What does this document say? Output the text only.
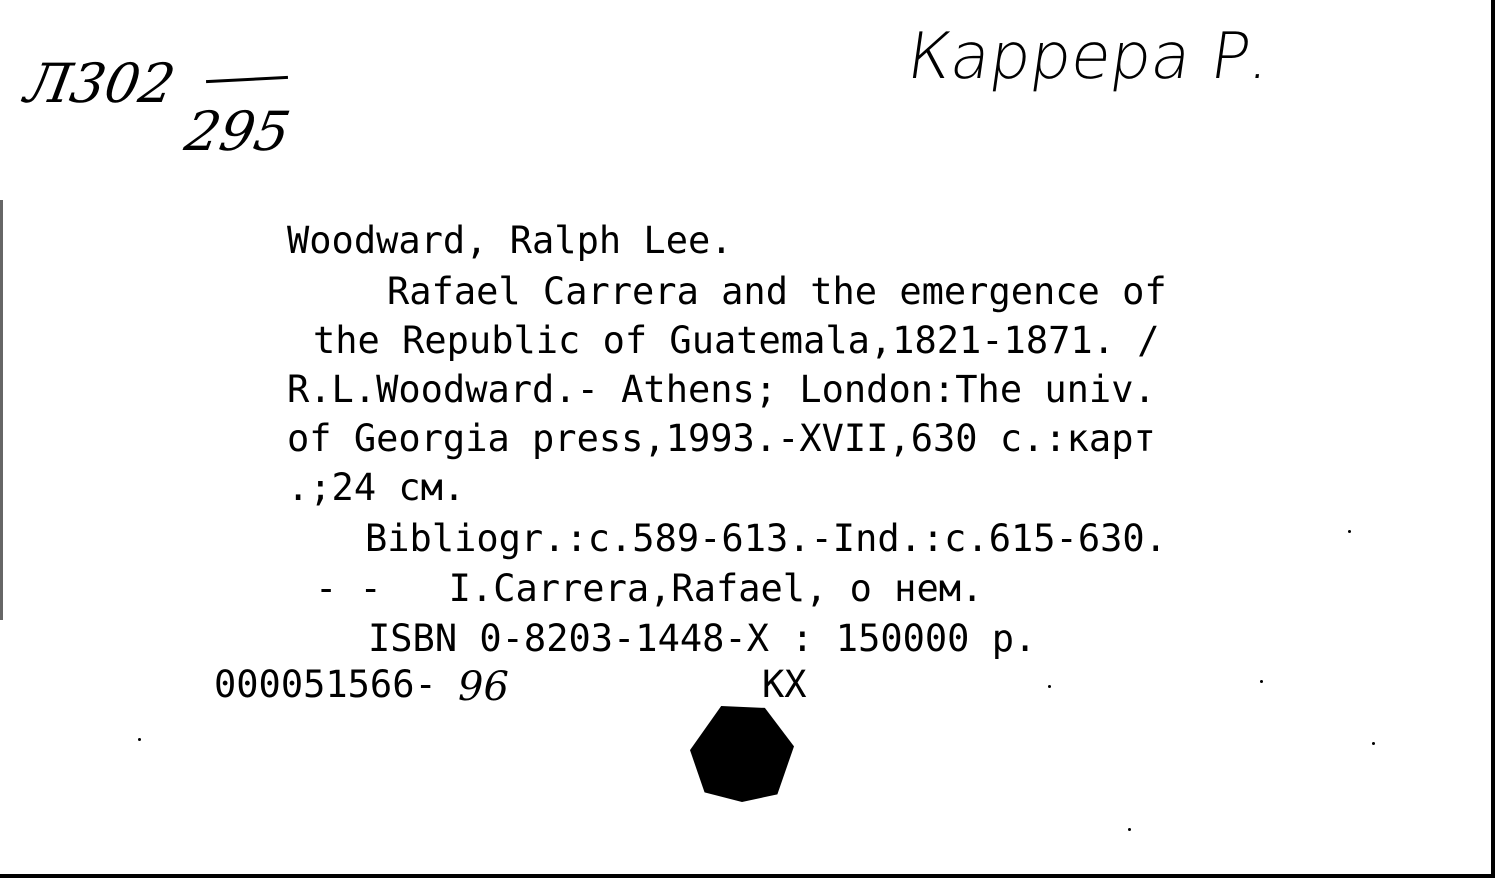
Л302
295
Каррера Р.
Woodward, Ralph Lee.
Rafael Carrera and the emergence of
the Republic of Guatemala,1821-1871. /
R.L.Woodward.- Athens; London:The univ.
of Georgia press,1993.-XVII,630 c.:карт
.;24 см.
Bibliogr.:c.589-613.-Ind.:c.615-630.
- -   I.Carrera,Rafael, о нем.
ISBN 0-8203-1448-X : 150000 р.
000051566- 96	КХ
